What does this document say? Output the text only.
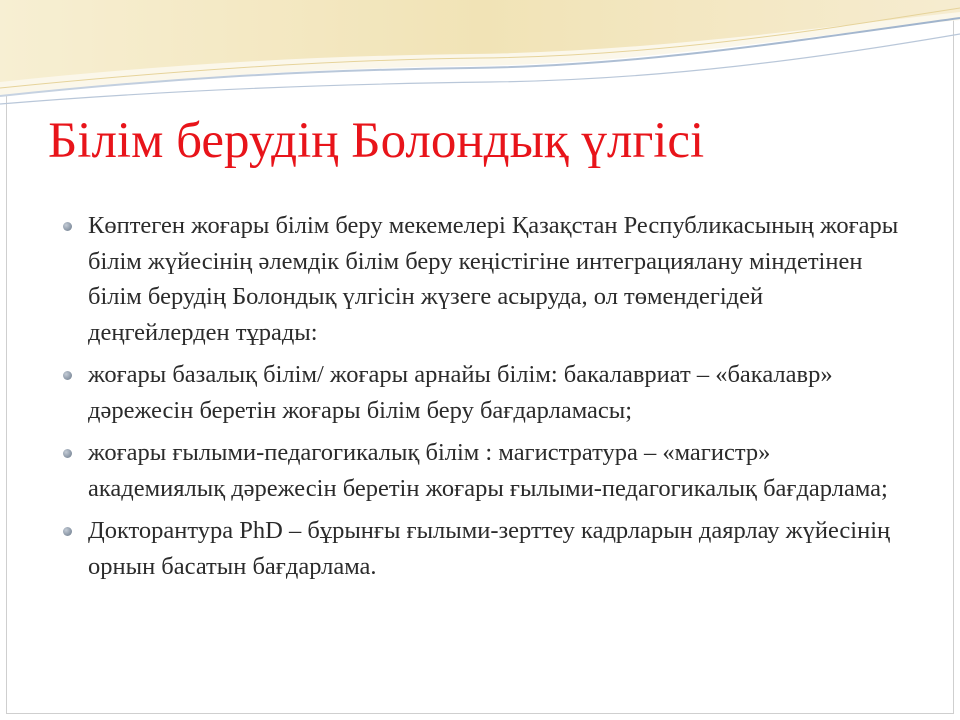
Білім берудің Болондық үлгісі
Көптеген жоғары білім беру мекемелері Қазақстан Республикасының жоғары білім жүйесінің әлемдік білім беру кеңістігіне интеграциялану міндетінен білім берудің Болондық үлгісін жүзеге асыруда, ол төмендегідей деңгейлерден тұрады:
жоғары базалық білім/ жоғары арнайы білім: бакалавриат – «бакалавр» дәрежесін беретін жоғары білім беру бағдарламасы;
жоғары ғылыми-педагогикалық білім : магистратура – «магистр» академиялық дәрежесін беретін жоғары ғылыми-педагогикалық бағдарлама;
Докторантура PhD – бұрынғы ғылыми-зерттеу кадрларын даярлау жүйесінің орнын басатын бағдарлама.
